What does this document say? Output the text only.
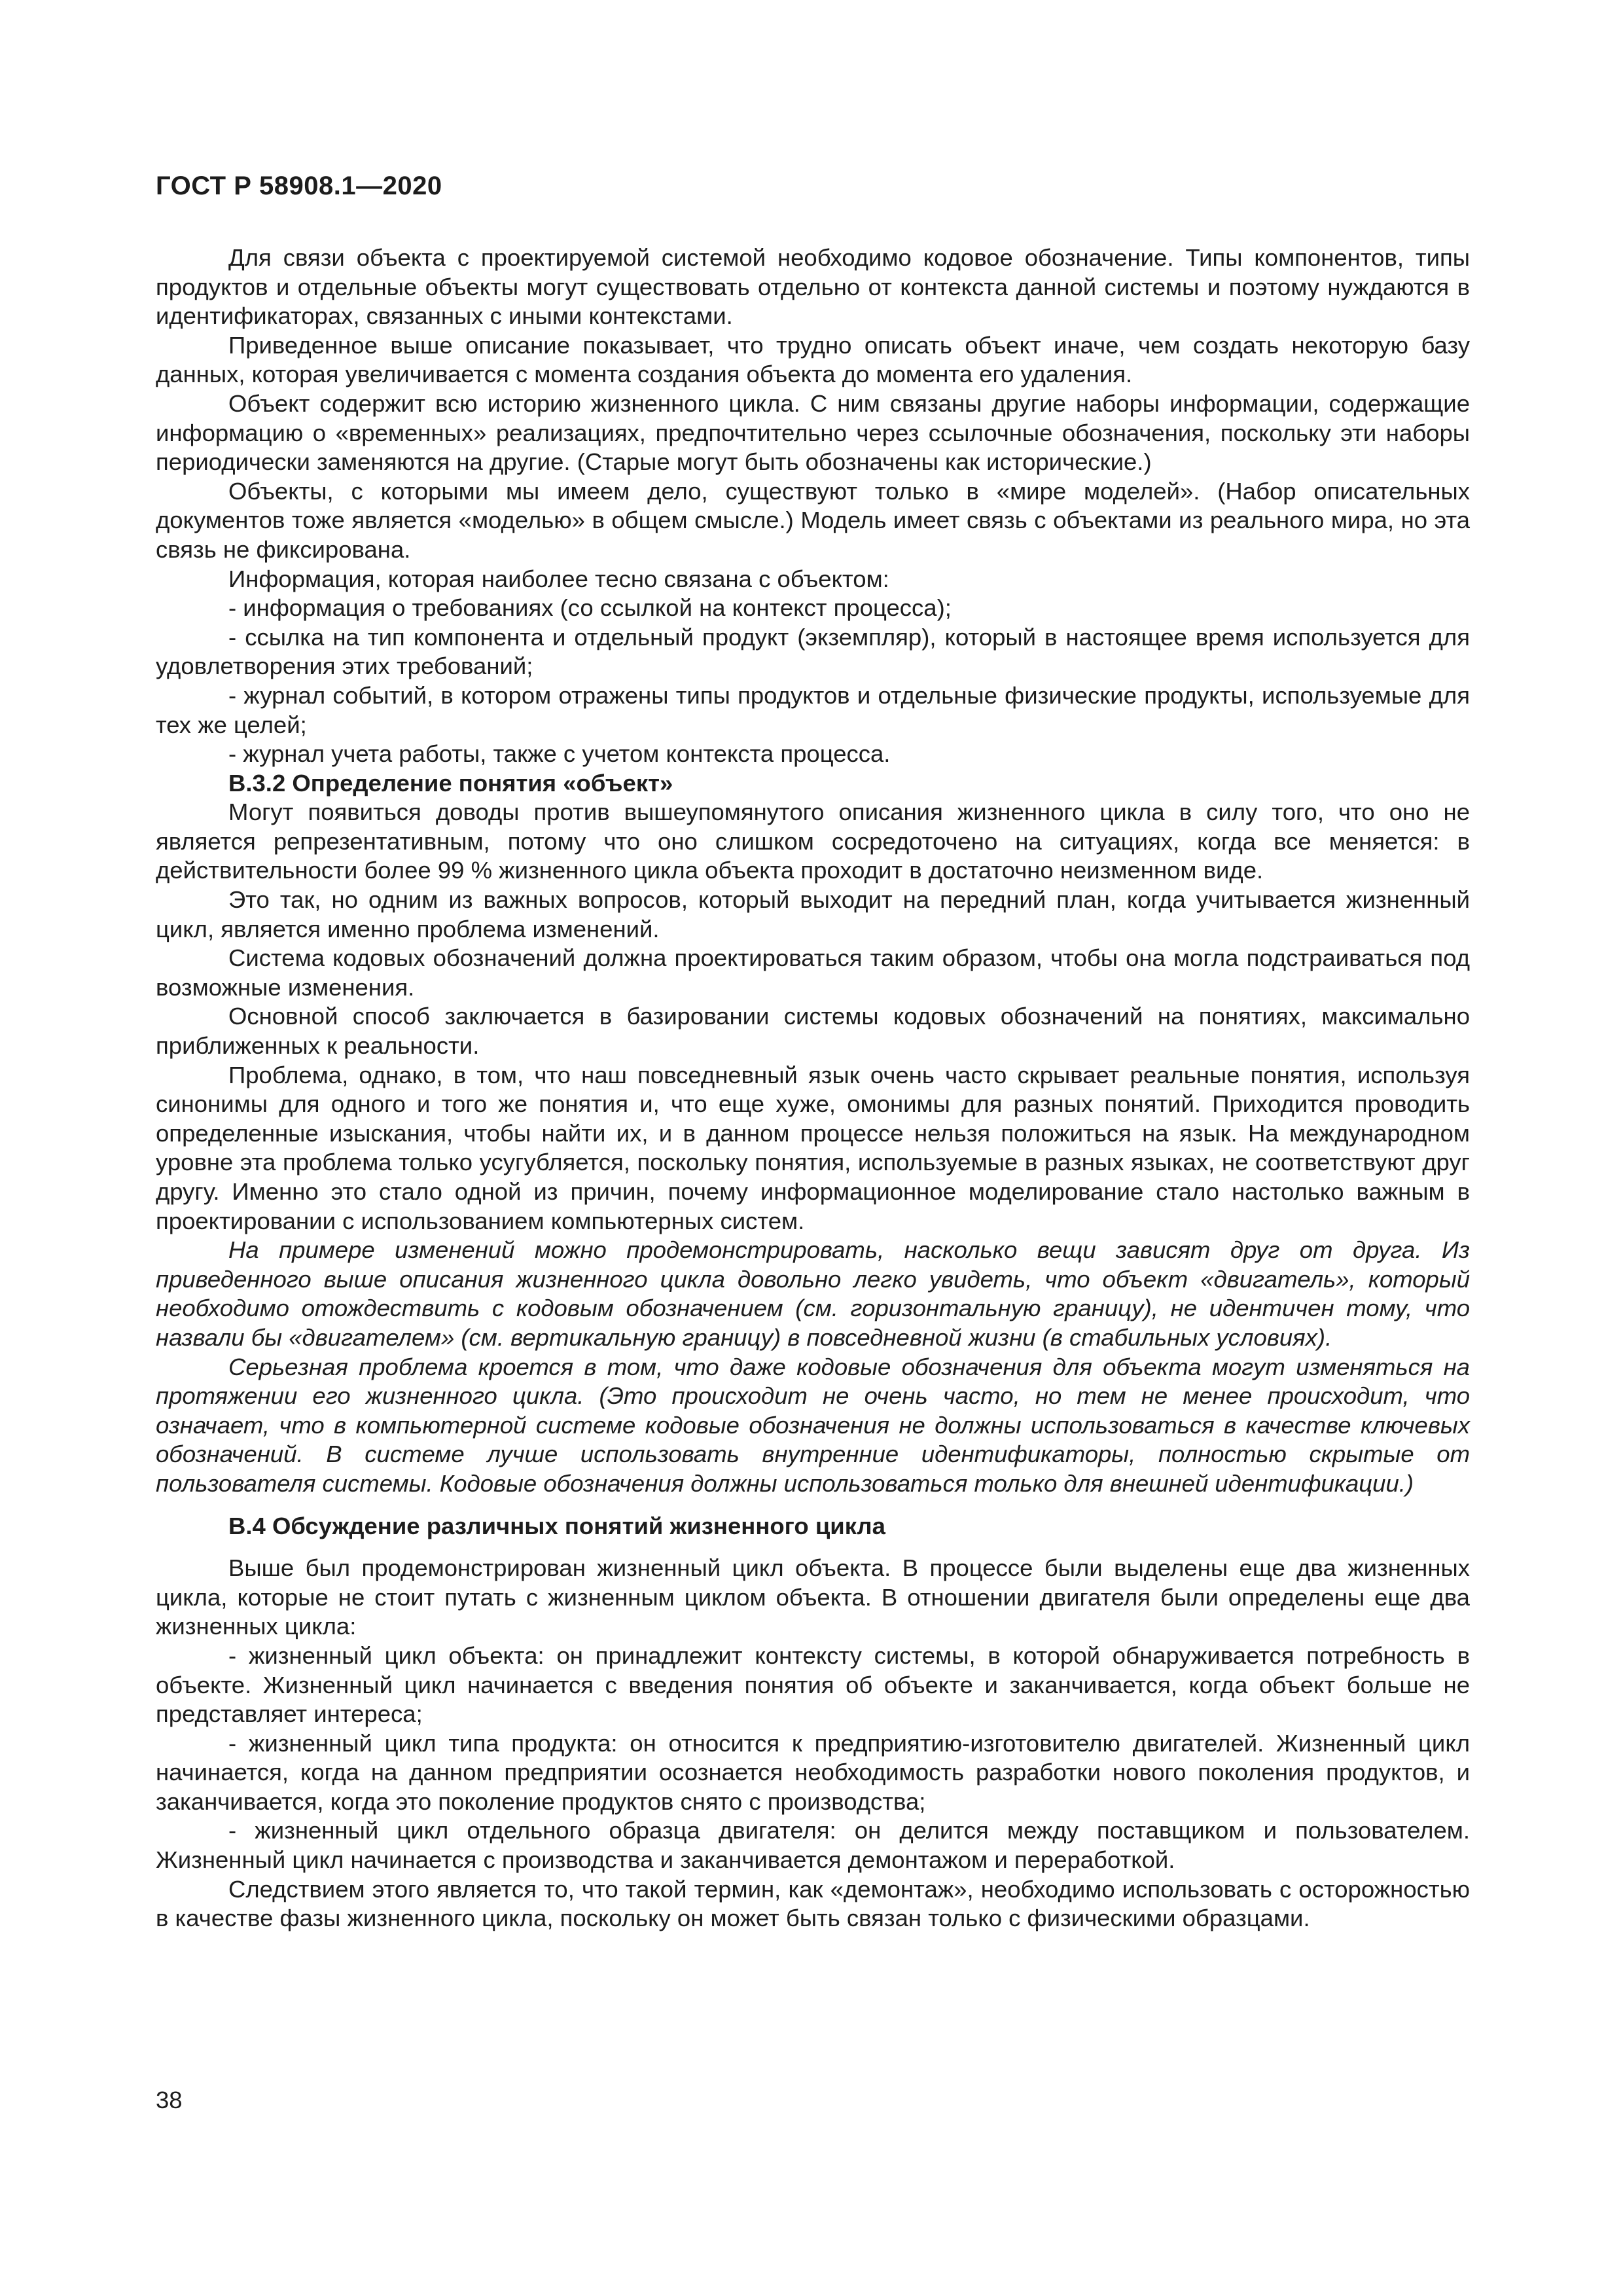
ГОСТ Р 58908.1—2020

Для связи объекта с проектируемой системой необходимо кодовое обозначение. Типы компонентов, типы продуктов и отдельные объекты могут существовать отдельно от контекста данной системы и поэтому нуждаются в идентификаторах, связанных с иными контекстами.

Приведенное выше описание показывает, что трудно описать объект иначе, чем создать некоторую базу данных, которая увеличивается с момента создания объекта до момента его удаления.

Объект содержит всю историю жизненного цикла. С ним связаны другие наборы информации, содержащие информацию о «временных» реализациях, предпочтительно через ссылочные обозначения, поскольку эти наборы периодически заменяются на другие. (Старые могут быть обозначены как исторические.)

Объекты, с которыми мы имеем дело, существуют только в «мире моделей». (Набор описательных документов тоже является «моделью» в общем смысле.) Модель имеет связь с объектами из реального мира, но эта связь не фиксирована.

Информация, которая наиболее тесно связана с объектом:

- информация о требованиях (со ссылкой на контекст процесса);

- ссылка на тип компонента и отдельный продукт (экземпляр), который в настоящее время используется для удовлетворения этих требований;

- журнал событий, в котором отражены типы продуктов и отдельные физические продукты, используемые для тех же целей;

- журнал учета работы, также с учетом контекста процесса.

В.3.2 Определение понятия «объект»

Могут появиться доводы против вышеупомянутого описания жизненного цикла в силу того, что оно не является репрезентативным, потому что оно слишком сосредоточено на ситуациях, когда все меняется: в действительности более 99 % жизненного цикла объекта проходит в достаточно неизменном виде.

Это так, но одним из важных вопросов, который выходит на передний план, когда учитывается жизненный цикл, является именно проблема изменений.

Система кодовых обозначений должна проектироваться таким образом, чтобы она могла подстраиваться под возможные изменения.

Основной способ заключается в базировании системы кодовых обозначений на понятиях, максимально приближенных к реальности.

Проблема, однако, в том, что наш повседневный язык очень часто скрывает реальные понятия, используя синонимы для одного и того же понятия и, что еще хуже, омонимы для разных понятий. Приходится проводить определенные изыскания, чтобы найти их, и в данном процессе нельзя положиться на язык. На международном уровне эта проблема только усугубляется, поскольку понятия, используемые в разных языках, не соответствуют друг другу. Именно это стало одной из причин, почему информационное моделирование стало настолько важным в проектировании с использованием компьютерных систем.

На примере изменений можно продемонстрировать, насколько вещи зависят друг от друга. Из приведенного выше описания жизненного цикла довольно легко увидеть, что объект «двигатель», который необходимо отождествить с кодовым обозначением (см. горизонтальную границу), не идентичен тому, что назвали бы «двигателем» (см. вертикальную границу) в повседневной жизни (в стабильных условиях).

Серьезная проблема кроется в том, что даже кодовые обозначения для объекта могут изменяться на протяжении его жизненного цикла. (Это происходит не очень часто, но тем не менее происходит, что означает, что в компьютерной системе кодовые обозначения не должны использоваться в качестве ключевых обозначений. В системе лучше использовать внутренние идентификаторы, полностью скрытые от пользователя системы. Кодовые обозначения должны использоваться только для внешней идентификации.)

В.4 Обсуждение различных понятий жизненного цикла

Выше был продемонстрирован жизненный цикл объекта. В процессе были выделены еще два жизненных цикла, которые не стоит путать с жизненным циклом объекта. В отношении двигателя были определены еще два жизненных цикла:

- жизненный цикл объекта: он принадлежит контексту системы, в которой обнаруживается потребность в объекте. Жизненный цикл начинается с введения понятия об объекте и заканчивается, когда объект больше не представляет интереса;

- жизненный цикл типа продукта: он относится к предприятию-изготовителю двигателей. Жизненный цикл начинается, когда на данном предприятии осознается необходимость разработки нового поколения продуктов, и заканчивается, когда это поколение продуктов снято с производства;

- жизненный цикл отдельного образца двигателя: он делится между поставщиком и пользователем. Жизненный цикл начинается с производства и заканчивается демонтажом и переработкой.

Следствием этого является то, что такой термин, как «демонтаж», необходимо использовать с осторожностью в качестве фазы жизненного цикла, поскольку он может быть связан только с физическими образцами.

38
